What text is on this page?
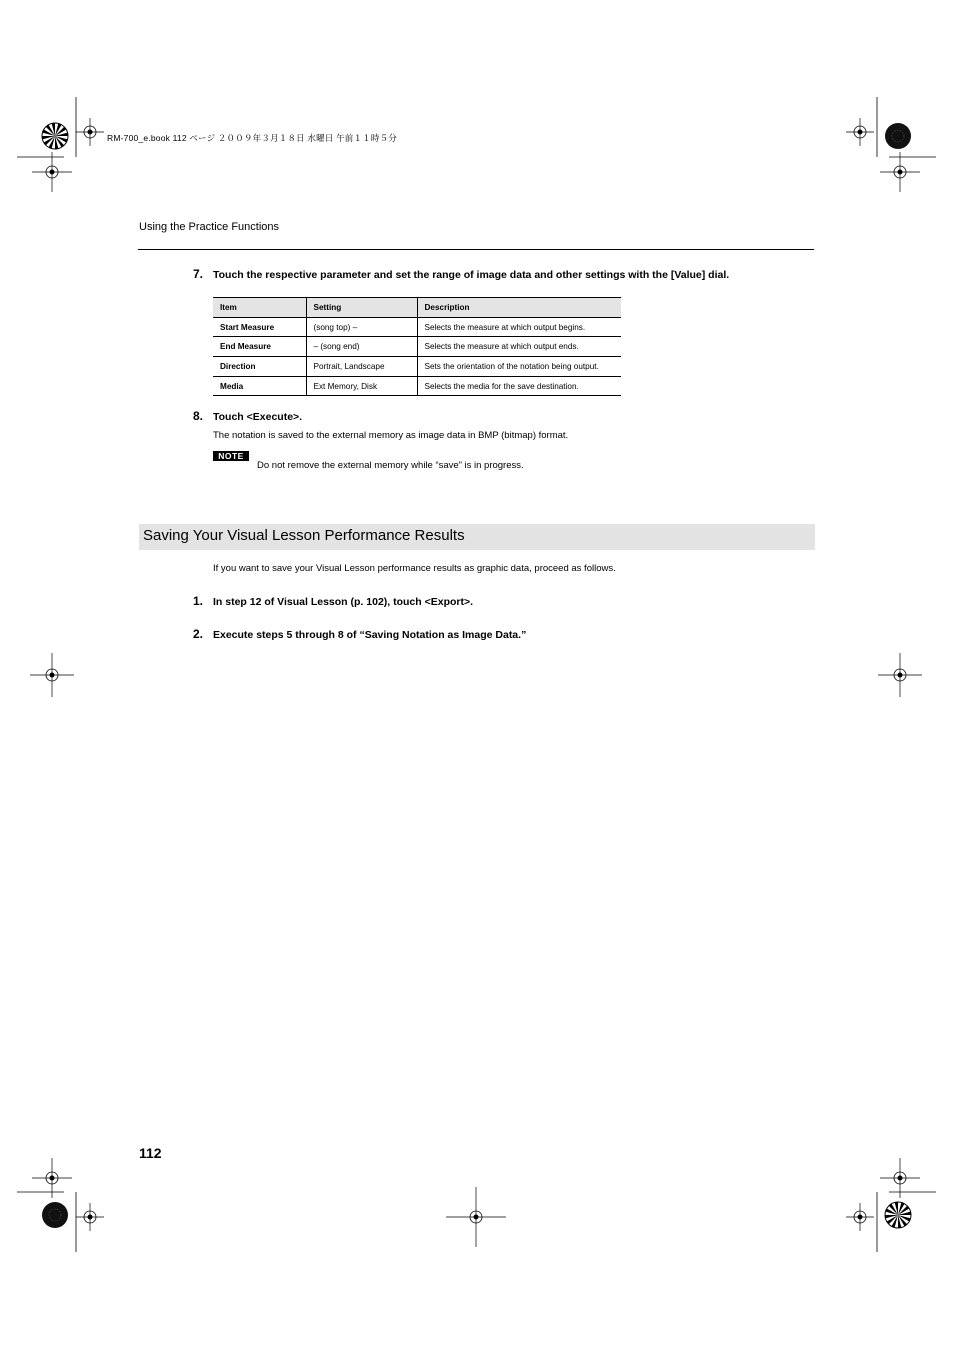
RM-700_e.book 112 ページ ２００９年３月１８日 水曜日 午前１１時５分
Using the Practice Functions
7. Touch the respective parameter and set the range of image data and other settings with the [Value] dial.
Item	Setting	Description
Start Measure	(song top) –	Selects the measure at which output begins.
End Measure	– (song end)	Selects the measure at which output ends.
Direction	Portrait, Landscape	Sets the orientation of the notation being output.
Media	Ext Memory, Disk	Selects the media for the save destination.
8. Touch <Execute>.
The notation is saved to the external memory as image data in BMP (bitmap) format.
NOTE
Do not remove the external memory while “save” is in progress.
Saving Your Visual Lesson Performance Results
If you want to save your Visual Lesson performance results as graphic data, proceed as follows.
1. In step 12 of Visual Lesson (p. 102), touch <Export>.
2. Execute steps 5 through 8 of “Saving Notation as Image Data.”
112
